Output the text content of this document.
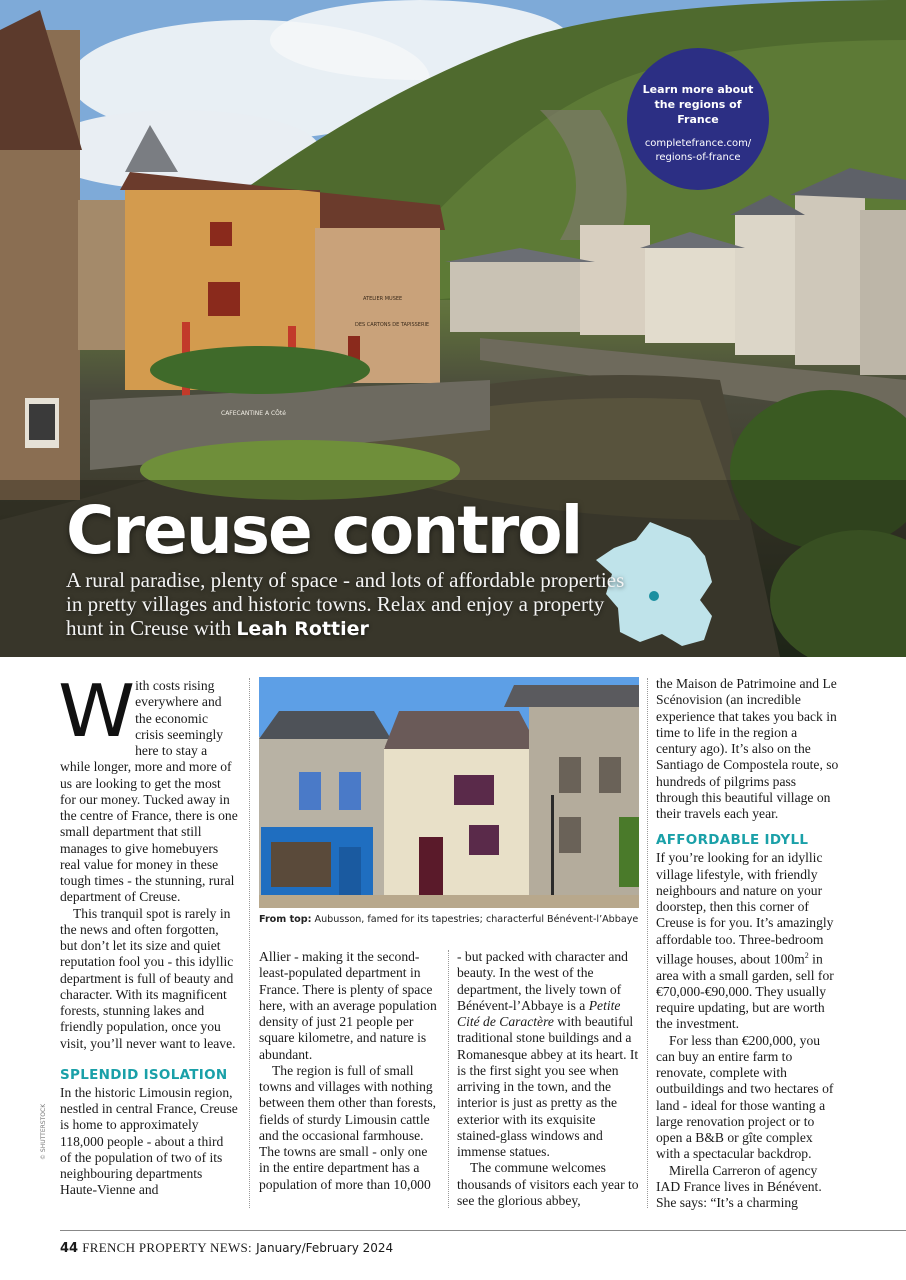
CAFECANTINE A CÔté
ATELIER MUSEE
DES CARTONS DE TAPISSERIE
Learn more about the regions of France
completefrance.com/ regions-of-france
Creuse control
A rural paradise, plenty of space - and lots of affordable properties in pretty villages and historic towns. Relax and enjoy a property hunt in Creuse with Leah Rottier

With costs rising everywhere and the economic crisis seemingly here to stay a while longer, more and more of us are looking to get the most for our money. Tucked away in the centre of France, there is one small department that still manages to give homebuyers real value for money in these tough times - the stunning, rural department of Creuse.

This tranquil spot is rarely in the news and often forgotten, but don’t let its size and quiet reputation fool you - this idyllic department is full of beauty and character. With its magnificent forests, stunning lakes and friendly population, once you visit, you’ll never want to leave.

SPLENDID ISOLATION

In the historic Limousin region, nestled in central France, Creuse is home to approximately 118,000 people - about a third of the population of two of its neighbouring departments Haute-Vienne and

From top: Aubusson, famed for its tapestries; characterful Bénévent-l’Abbaye

Allier - making it the second-least-populated department in France. There is plenty of space here, with an average population density of just 21 people per square kilometre, and nature is abundant.

The region is full of small towns and villages with nothing between them other than forests, fields of sturdy Limousin cattle and the occasional farmhouse. The towns are small - only one in the entire department has a population of more than 10,000

- but packed with character and beauty. In the west of the department, the lively town of Bénévent-l’Abbaye is a Petite Cité de Caractère with beautiful traditional stone buildings and a Romanesque abbey at its heart. It is the first sight you see when arriving in the town, and the interior is just as pretty as the exterior with its exquisite stained-glass windows and immense statues.

The commune welcomes thousands of visitors each year to see the glorious abbey,

the Maison de Patrimoine and Le Scénovision (an incredible experience that takes you back in time to life in the region a century ago). It’s also on the Santiago de Compostela route, so hundreds of pilgrims pass through this beautiful village on their travels each year.

AFFORDABLE IDYLL

If you’re looking for an idyllic village lifestyle, with friendly neighbours and nature on your doorstep, then this corner of Creuse is for you. It’s amazingly affordable too. Three-bedroom village houses, about $100m^2$ in area with a small garden, sell for €70,000-€90,000. They usually require updating, but are worth the investment.

For less than €200,000, you can buy an entire farm to renovate, complete with outbuildings and two hectares of land - ideal for those wanting a large renovation project or to open a B&B or gîte complex with a spectacular backdrop.

Mirella Carreron of agency IAD France lives in Bénévent. She says: “It’s a charming

© SHUTTERSTOCK
44 FRENCH PROPERTY NEWS: January/February 2024
